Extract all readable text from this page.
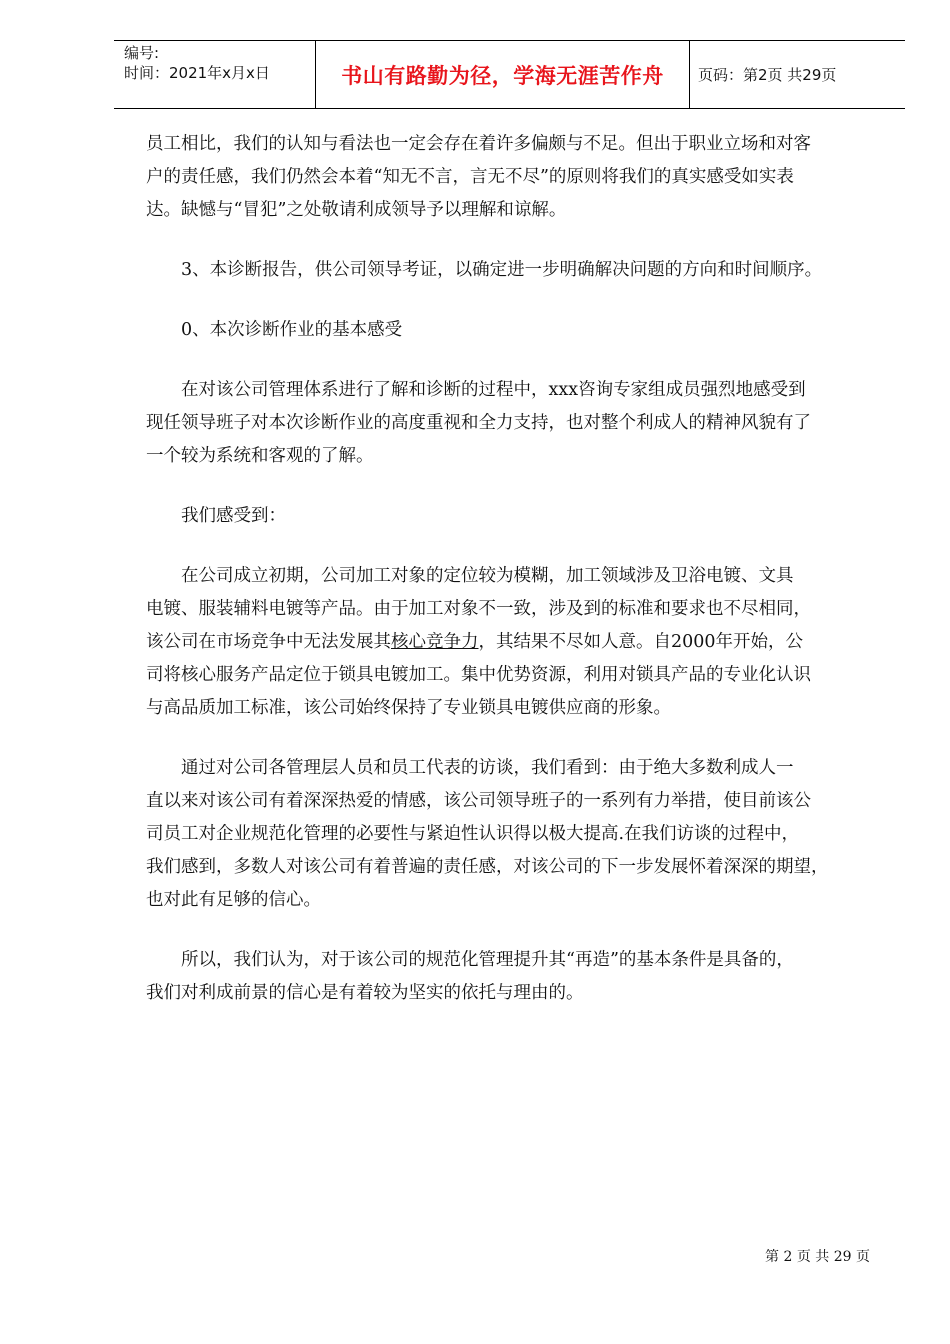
编号:
时间：2021年x月x日	书山有路勤为径，学海无涯苦作舟	页码：第2页 共29页

员工相比，我们的认知与看法也一定会存在着许多偏颇与不足。但出于职业立场和对客
户的责任感，我们仍然会本着“知无不言，言无不尽”的原则将我们的真实感受如实表
达。缺憾与“冒犯”之处敬请利成领导予以理解和谅解。

3、本诊断报告，供公司领导考证，以确定进一步明确解决问题的方向和时间顺序。

0、本次诊断作业的基本感受

在对该公司管理体系进行了解和诊断的过程中，xxx咨询专家组成员强烈地感受到
现任领导班子对本次诊断作业的高度重视和全力支持，也对整个利成人的精神风貌有了
一个较为系统和客观的了解。

我们感受到：

在公司成立初期，公司加工对象的定位较为模糊，加工领域涉及卫浴电镀、文具
电镀、服装辅料电镀等产品。由于加工对象不一致，涉及到的标准和要求也不尽相同，
该公司在市场竞争中无法发展其核心竞争力，其结果不尽如人意。自2000年开始，公
司将核心服务产品定位于锁具电镀加工。集中优势资源，利用对锁具产品的专业化认识
与高品质加工标准，该公司始终保持了专业锁具电镀供应商的形象。

通过对公司各管理层人员和员工代表的访谈，我们看到：由于绝大多数利成人一
直以来对该公司有着深深热爱的情感，该公司领导班子的一系列有力举措，使目前该公
司员工对企业规范化管理的必要性与紧迫性认识得以极大提高.在我们访谈的过程中，
我们感到，多数人对该公司有着普遍的责任感，对该公司的下一步发展怀着深深的期望，
也对此有足够的信心。

所以，我们认为，对于该公司的规范化管理提升其“再造”的基本条件是具备的，
我们对利成前景的信心是有着较为坚实的依托与理由的。

第 2 页 共 29 页
